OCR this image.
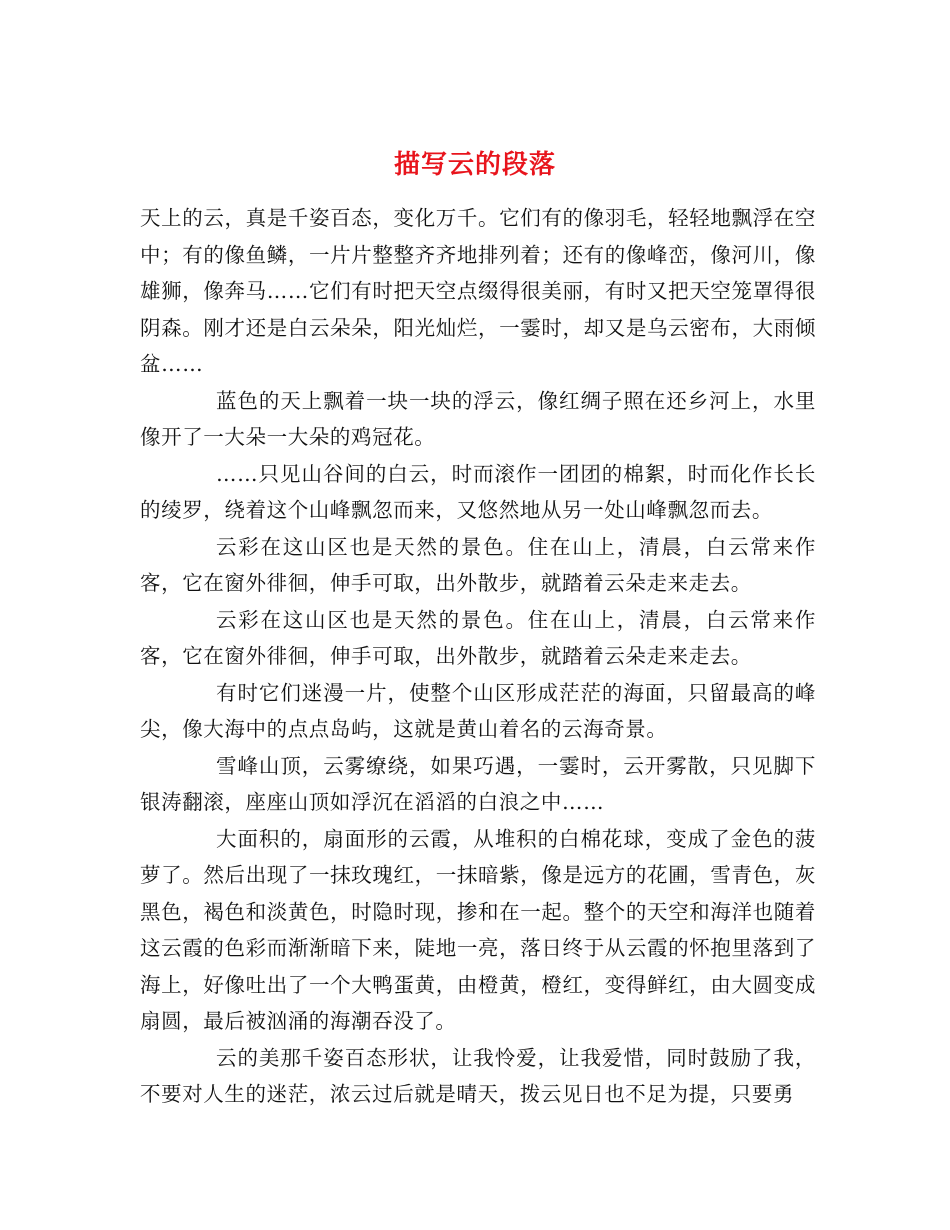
描写云的段落

天上的云，真是千姿百态，变化万千。它们有的像羽毛，轻轻地飘浮在空中；有的像鱼鳞，一片片整整齐齐地排列着；还有的像峰峦，像河川，像雄狮，像奔马……它们有时把天空点缀得很美丽，有时又把天空笼罩得很阴森。刚才还是白云朵朵，阳光灿烂，一霎时，却又是乌云密布，大雨倾盆……

蓝色的天上飘着一块一块的浮云，像红绸子照在还乡河上，水里像开了一大朵一大朵的鸡冠花。

……只见山谷间的白云，时而滚作一团团的棉絮，时而化作长长的绫罗，绕着这个山峰飘忽而来，又悠然地从另一处山峰飘忽而去。

云彩在这山区也是天然的景色。住在山上，清晨，白云常来作客，它在窗外徘徊，伸手可取，出外散步，就踏着云朵走来走去。

云彩在这山区也是天然的景色。住在山上，清晨，白云常来作客，它在窗外徘徊，伸手可取，出外散步，就踏着云朵走来走去。

有时它们迷漫一片，使整个山区形成茫茫的海面，只留最高的峰尖，像大海中的点点岛屿，这就是黄山着名的云海奇景。

雪峰山顶，云雾缭绕，如果巧遇，一霎时，云开雾散，只见脚下银涛翻滚，座座山顶如浮沉在滔滔的白浪之中……

大面积的，扇面形的云霞，从堆积的白棉花球，变成了金色的菠萝了。然后出现了一抹玫瑰红，一抹暗紫，像是远方的花圃，雪青色，灰黑色，褐色和淡黄色，时隐时现，掺和在一起。整个的天空和海洋也随着这云霞的色彩而渐渐暗下来，陡地一亮，落日终于从云霞的怀抱里落到了海上，好像吐出了一个大鸭蛋黄，由橙黄，橙红，变得鲜红，由大圆变成扇圆，最后被汹涌的海潮吞没了。

云的美那千姿百态形状，让我怜爱，让我爱惜，同时鼓励了我，不要对人生的迷茫，浓云过后就是晴天，拨云见日也不足为提，只要勇
